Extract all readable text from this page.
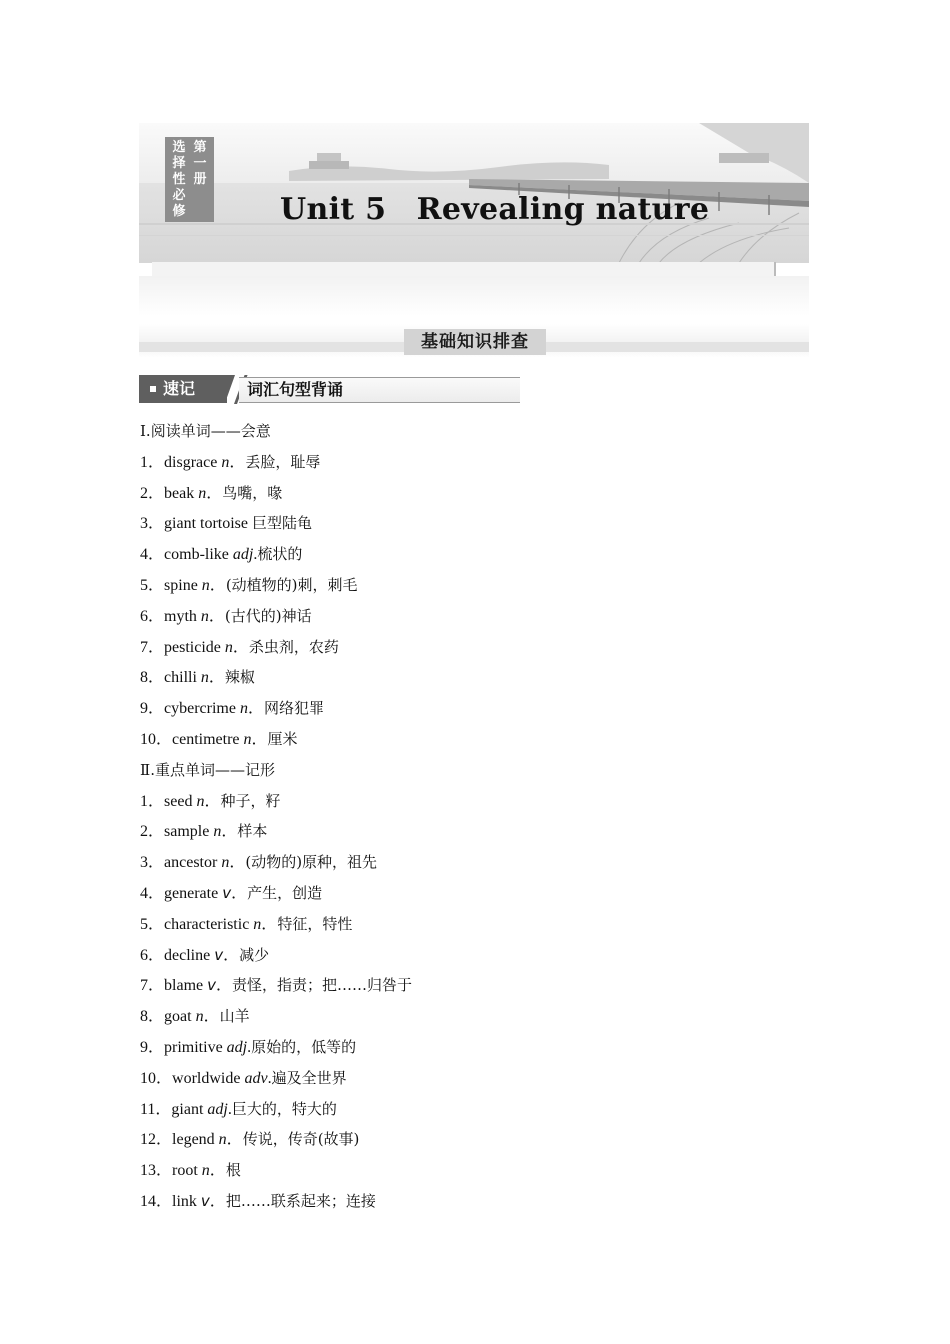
选择性必修
第一册
Unit 5　Revealing nature
基础知识排查
速记	词汇句型背诵
Ⅰ.阅读单词——会意
1．disgrace n．丢脸，耻辱
2．beak n．鸟嘴，喙
3．giant tortoise 巨型陆龟
4．comb-like adj.梳状的
5．spine n．(动植物的)刺，刺毛
6．myth n．(古代的)神话
7．pesticide n．杀虫剂，农药
8．chilli n．辣椒
9．cybercrime n．网络犯罪
10．centimetre n．厘米
Ⅱ.重点单词——记形
1．seed n．种子，籽
2．sample n．样本
3．ancestor n．(动物的)原种，祖先
4．generate v．产生，创造
5．characteristic n．特征，特性
6．decline v．减少
7．blame v．责怪，指责；把……归咎于
8．goat n．山羊
9．primitive adj.原始的，低等的
10．worldwide adv.遍及全世界
11．giant adj.巨大的，特大的
12．legend n．传说，传奇(故事)
13．root n．根
14．link v．把……联系起来；连接
